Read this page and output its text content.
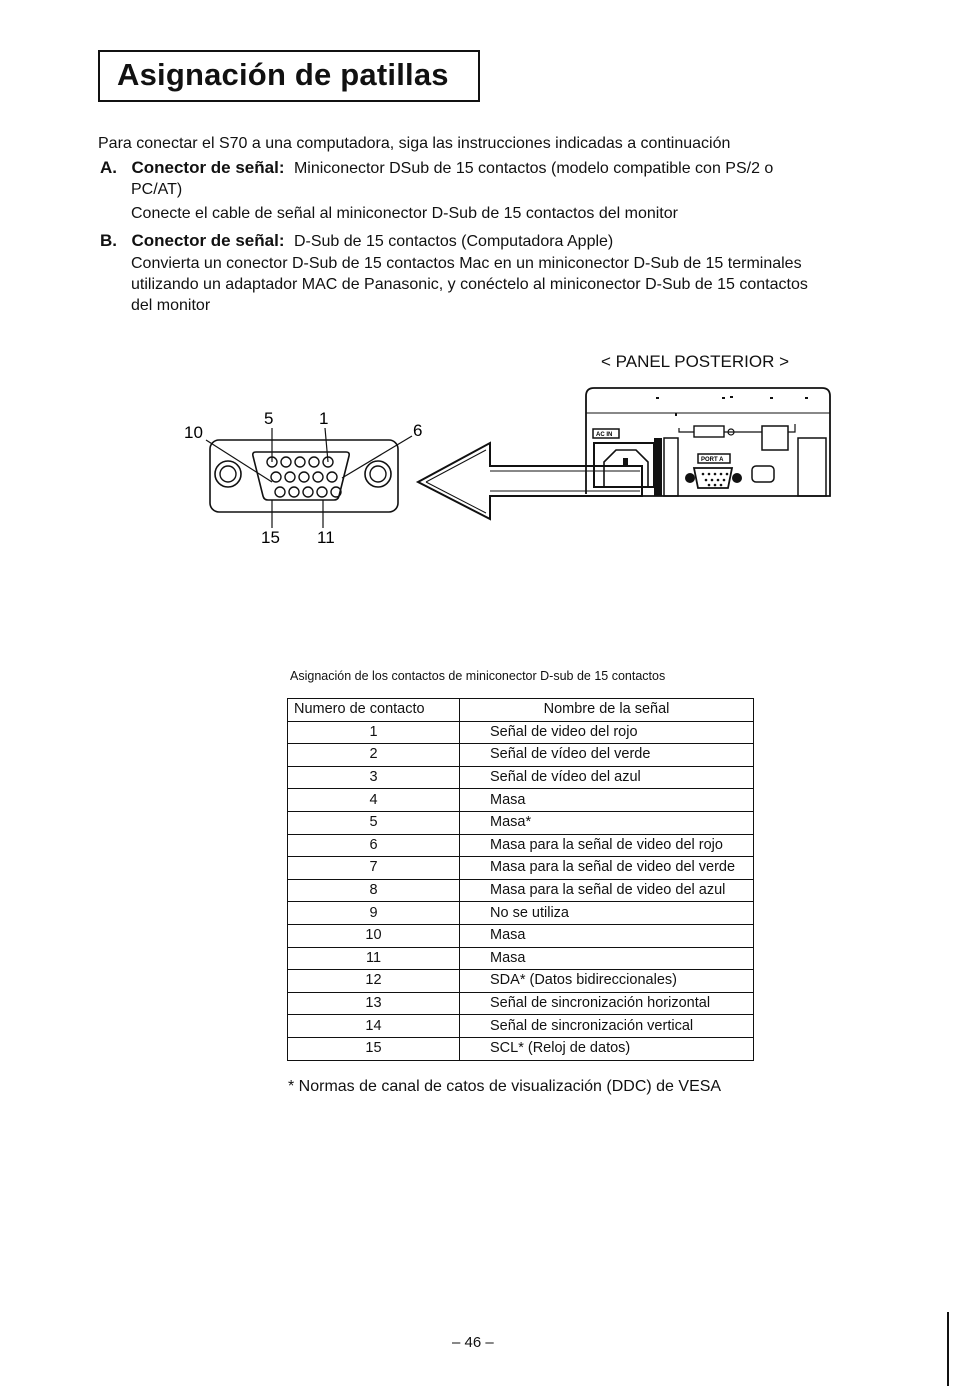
Asignación de patillas
Para conectar el S70 a una computadora, siga las instrucciones indicadas a continuación
A. Conector de señal: Miniconector DSub de 15 contactos (modelo compatible con PS/2 o
PC/AT)
Conecte el cable de señal al miniconector D-Sub de 15 contactos del monitor
B. Conector de señal: D-Sub de 15 contactos (Computadora Apple)
Convierta un conector D-Sub de 15 contactos Mac en un miniconector D-Sub de 15 terminales
utilizando un adaptador MAC de Panasonic, y conéctelo al miniconector D-Sub de 15 contactos
del monitor
< PANEL POSTERIOR >
10
5	1
6
15 11
AC IN
PORT A
Asignación de los contactos de miniconector D-sub de 15 contactos
Numero de contacto	Nombre de la señal
1	Señal de video del rojo
2	Señal de vídeo del verde
3	Señal de vídeo del azul
4	Masa
5	Masa*
6	Masa para la señal de video del rojo
7	Masa para la señal de video del verde
8	Masa para la señal de video del azul
9	No se utiliza
10	Masa
11	Masa
12	SDA* (Datos bidireccionales)
13	Señal de sincronización horizontal
14	Señal de sincronización vertical
15	SCL* (Reloj de datos)
* Normas de canal de catos de visualización (DDC) de VESA
– 46 –
